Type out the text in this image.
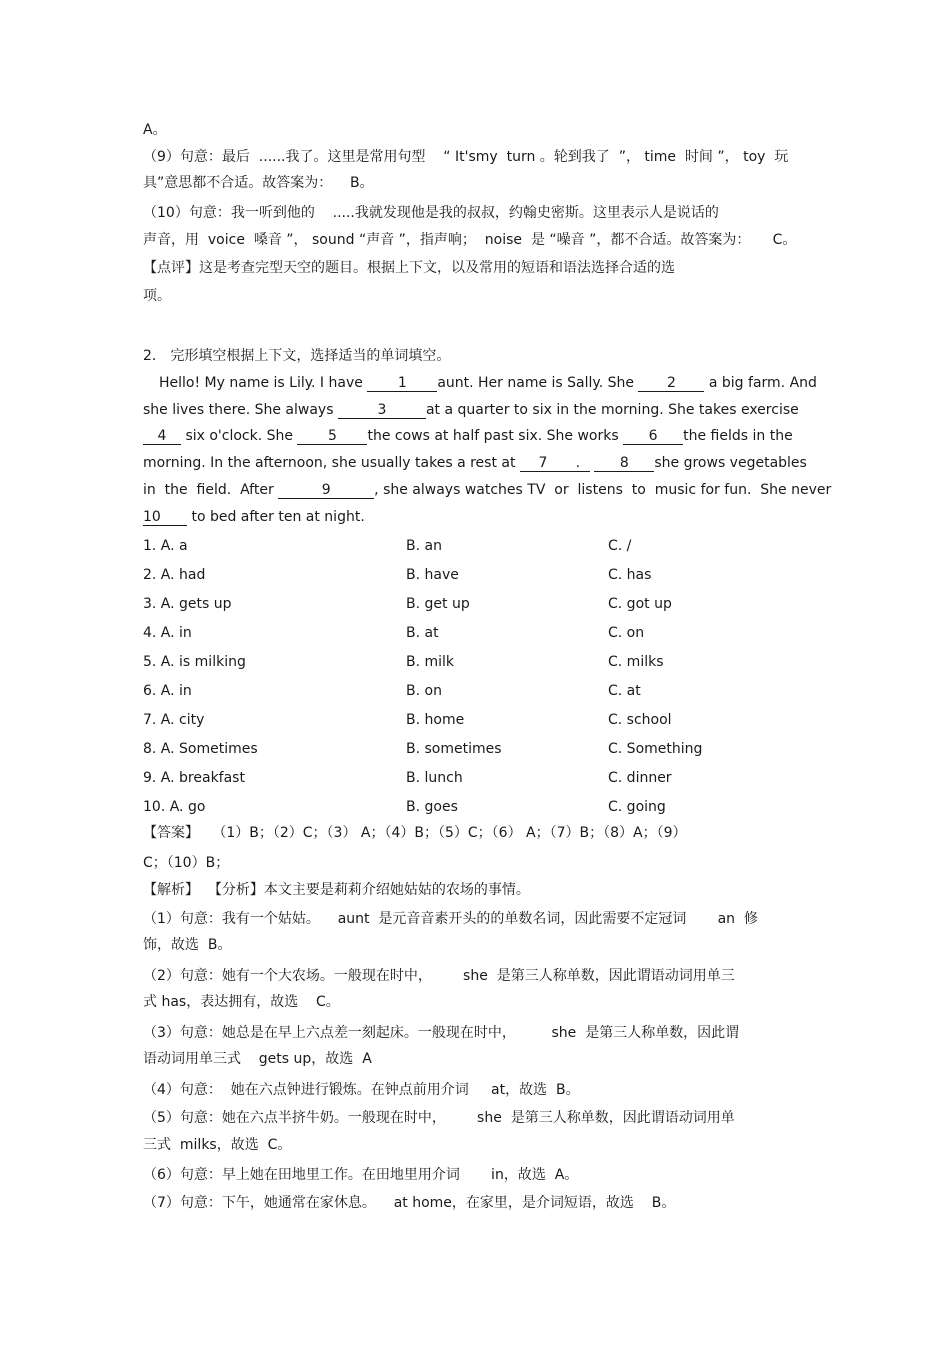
A。
（9）句意：最后  ......我了。这里是常用句型    “ It'smy  turn 。轮到我了  ”， time  时间 ”， toy  玩
具”意思都不合适。故答案为：    B。
（10）句意：我一听到他的    .....我就发现他是我的叔叔，约翰史密斯。这里表示人是说话的
声音，用  voice  嗓音 ”， sound “声音 ”，指声响；  noise  是 “噪音 ”，都不合适。故答案为：     C。
【点评】这是考查完型天空的题目。根据上下文，以及常用的短语和语法选择合适的选
项。
2． 完形填空根据上下文，选择适当的单词填空。
Hello! My name is Lily. I have 1 aunt. Her name is Sally. She 2 a big farm. And
she lives there. She always	3	at a quarter to six in the morning. She takes exercise
4 six o'clock. She 5 the cows at half past six. She works 6 the fields in the
morning. In the afternoon, she usually takes a rest at 7 .	8 she grows vegetables
in  the  field.  After	9	, she always watches TV  or  listens  to  music for fun.  She never
10 to bed after ten at night.
1. A. a	B. an	C. /
2. A. had	B. have	C. has
3. A. gets up	B. get up	C. got up
4. A. in	B. at	C. on
5. A. is milking	B. milk	C. milks
6. A. in	B. on	C. at
7. A. city	B. home	C. school
8. A. Sometimes	B. sometimes	C. Something
9. A. breakfast	B. lunch	C. dinner
10. A. go	B. goes	C. going
【答案】   （1）B；（2）C；（3） A；（4）B；（5）C；（6） A；（7）B；（8）A；（9）
C；（10）B；
【解析】  【分析】本文主要是莉莉介绍她姑姑的农场的事情。
（1）句意：我有一个姑姑。    aunt  是元音音素开头的的单数名词，因此需要不定冠词       an  修
饰，故选  B。
（2）句意：她有一个大农场。一般现在时中，       she  是第三人称单数，因此谓语动词用单三
式 has，表达拥有，故选    C。
（3）句意：她总是在早上六点差一刻起床。一般现在时中，        she  是第三人称单数，因此谓
语动词用单三式    gets up，故选  A
（4）句意：  她在六点钟进行锻炼。在钟点前用介词     at，故选  B。
（5）句意：她在六点半挤牛奶。一般现在时中，       she  是第三人称单数，因此谓语动词用单
三式  milks，故选  C。
（6）句意：早上她在田地里工作。在田地里用介词       in，故选  A。
（7）句意：下午，她通常在家休息。    at home，在家里，是介词短语，故选    B。
